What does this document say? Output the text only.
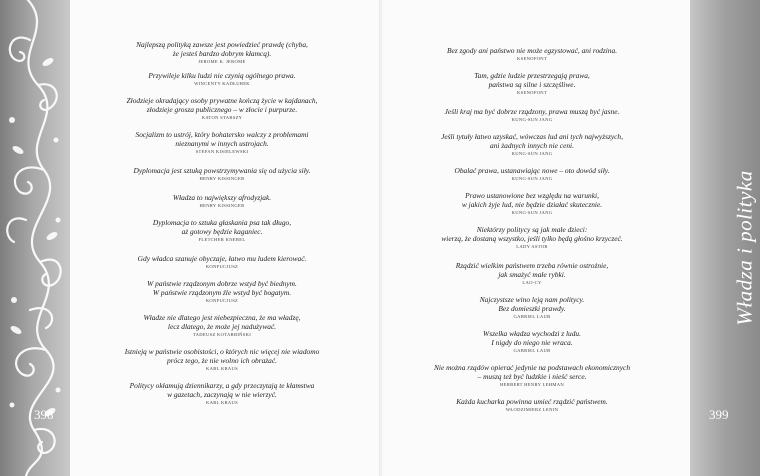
Najlepszą polityką zawsze jest powiedzieć prawdę (chyba,
że jesteś bardzo dobrym kłamcą).
JEROME K. JEROME
Przywileje kilku ludzi nie czynią ogólnego prawa.
WINCENTY KADŁUBEK
Złodzieje okradający osoby prywatne kończą życie w kajdanach,
złodzieje grosza publicznego – w złocie i purpurze.
KATON STARSZY
Socjalizm to ustrój, który bohatersko walczy z problemami
nieznanymi w innych ustrojach.
STEFAN KISIELEWSKI
Dyplomacja jest sztuką powstrzymywania się od użycia siły.
HENRY KISSINGER
Władza to największy afrodyzjak.
HENRY KISSINGER
Dyplomacja to sztuka głaskania psa tak długo,
aż gotowy będzie kaganiec.
FLETCHER KNEBEL
Gdy władca szanuje obyczaje, łatwo mu ludem kierować.
KONFUCJUSZ
W państwie rządzonym dobrze wstyd być biednym.
W państwie rządzonym źle wstyd być bogatym.
KONFUCJUSZ
Władze nie dlatego jest niebezpieczna, że ma władzę,
lecz dlatego, że może jej nadużywać.
TADEUSZ KOTARBIŃSKI
Istnieją w państwie osobistości, o których nic więcej nie wiadomo
prócz tego, że nie wolno ich obrażać.
KARL KRAUS
Politycy okłamują dziennikarzy, a gdy przeczytają te kłamstwa
w gazetach, zaczynają w nie wierzyć.
KARL KRAUS
Bez zgody ani państwo nie może egzystować, ani rodzina.
KSENOFONT
Tam, gdzie ludzie przestrzegają prawa,
państwa są silne i szczęśliwe.
KSENOFONT
Jeśli kraj ma być dobrze rządzony, prawa muszą być jasne.
KUNG-SUN JANG
Jeśli tytuły łatwo uzyskać, wówczas lud ani tych najwyższych,
ani żadnych innych nie ceni.
KUNG-SUN JANG
Obalać prawa, ustanawiając nowe – oto dowód siły.
KUNG-SUN JANG
Prawo ustanowione bez względu na warunki,
w jakich żyje lud, nie będzie działać skutecznie.
KUNG-SUN JANG
Niektórzy politycy są jak małe dzieci:
wierzą, że dostaną wszystko, jeśli tylko będą głośno krzyczeć.
LADY ASTOR
Rządzić wielkim państwem trzeba równie ostrożnie,
jak smażyć małe rybki.
LAO-CY
Najczystsze wino leją nam politycy.
Bez domieszki prawdy.
GABRIEL LAUB
Wszelka władza wychodzi z ludu.
I nigdy do niego nie wraca.
GABRIEL LAUB
Nie można rządów opierać jedynie na podstawach ekonomicznych
– muszą też być ludzkie i nieść serce.
HERBERT HENRY LEHMAN
Każda kucharka powinna umieć rządzić państwem.
WŁODZIMIERZ LENIN
398	399
Władza i polityka
